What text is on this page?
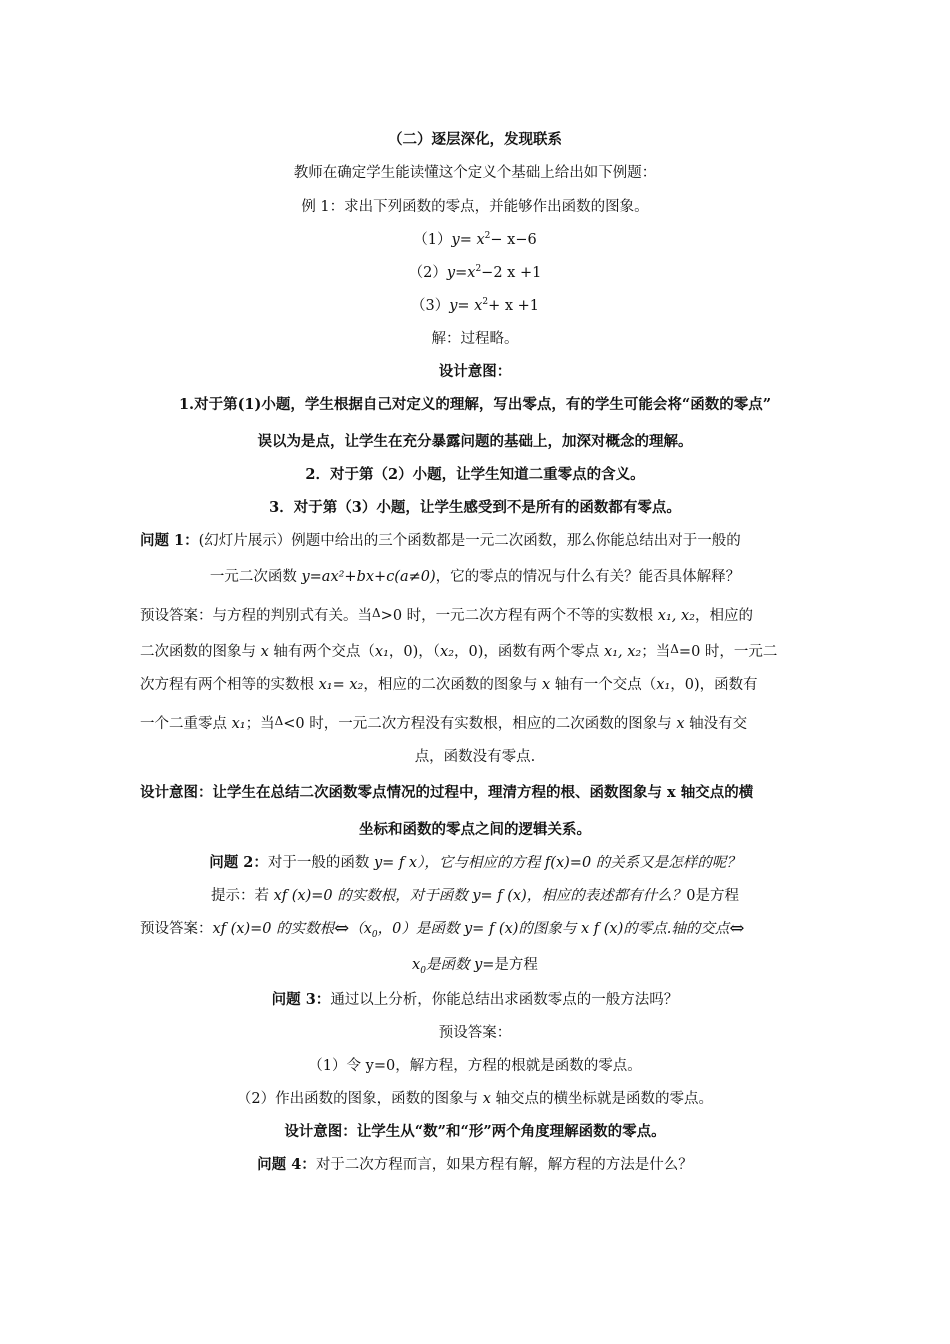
（二）逐层深化，发现联系
教师在确定学生能读懂这个定义个基础上给出如下例题：
例 1：求出下列函数的零点，并能够作出函数的图象。
$(1)y= x^2- x-6$
$(2)y=x^2-2$ x +1
$(3)y= x^2+ x +1$
解：过程略。
设计意图：
1.对于第(1)小题，学生根据自己对定义的理解，写出零点，有的学生可能会将“函数的零点”
误以为是点，让学生在充分暴露问题的基础上，加深对概念的理解。
2．对于第（2）小题，让学生知道二重零点的含义。
3．对于第（3）小题，让学生感受到不是所有的函数都有零点。
问题 1：(幻灯片展示）例题中给出的三个函数都是一元二次函数，那么你能总结出对于一般的
一元二次函数 y=ax²+bx+c(a≠0)，它的零点的情况与什么有关？能否具体解释？
预设答案：与方程的判别式有关。当Δ>0 时，一元二次方程有两个不等的实数根 x₁, x₂，相应的
二次函数的图象与 x 轴有两个交点（x₁，0)，（x₂，0)，函数有两个零点 x₁, x₂；当Δ=0 时，一元二
次方程有两个相等的实数根 x₁= x₂，相应的二次函数的图象与 x 轴有一个交点（x₁，0)，函数有
一个二重零点 x₁；当Δ<0 时，一元二次方程没有实数根，相应的二次函数的图象与 x 轴没有交
点，函数没有零点.
设计意图：让学生在总结二次函数零点情况的过程中，理清方程的根、函数图象与 x 轴交点的横
坐标和函数的零点之间的逻辑关系。
问题 2：对于一般的函数 y= f x），它与相应的方程 f(x)=0 的关系又是怎样的呢？
提示：若 xf (x)=0 的实数根，对于函数 y= f (x)，相应的表述都有什么？0是方程
预设答案：xf (x)=0 的实数根$\Leftrightarrow(x_0$，0）是函数 y= f (x)的图象与 x f (x)的零点.轴的交点⇔
$x_0$是函数 y=是方程
问题 3：通过以上分析，你能总结出求函数零点的一般方法吗？
预设答案：
（1）令 y=0，解方程，方程的根就是函数的零点。
（2）作出函数的图象，函数的图象与 x 轴交点的横坐标就是函数的零点。
设计意图：让学生从“数”和“形”两个角度理解函数的零点。
问题 4：对于二次方程而言，如果方程有解，解方程的方法是什么？
